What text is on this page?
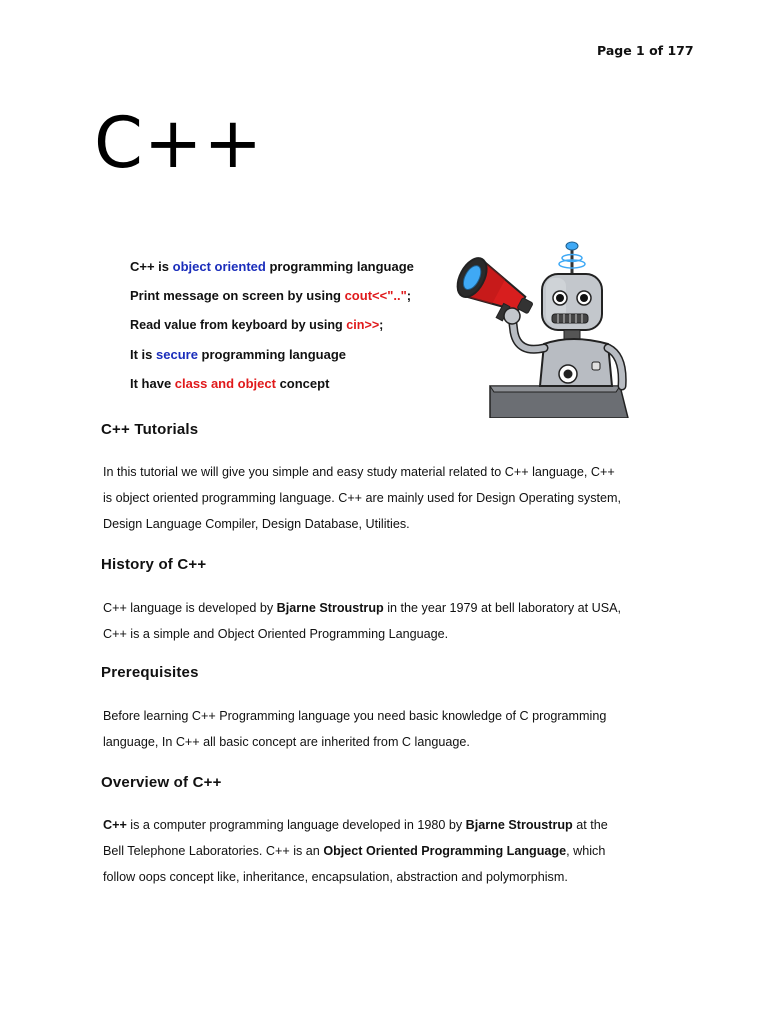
Page 1 of 177
C++
C++ is object oriented programming language
Print message on screen by using cout<<"..";
Read value from keyboard by using cin>>;
It is secure programming language
It have class and object concept
C++ Tutorials
In this tutorial we will give you simple and easy study material related to C++ language, C++
is object oriented programming language. C++ are mainly used for Design Operating system,
Design Language Compiler, Design Database, Utilities.
History of C++
C++ language is developed by Bjarne Stroustrup in the year 1979 at bell laboratory at USA,
C++ is a simple and Object Oriented Programming Language.
Prerequisites
Before learning C++ Programming language you need basic knowledge of C programming
language, In C++ all basic concept are inherited from C language.
Overview of C++
C++ is a computer programming language developed in 1980 by Bjarne Stroustrup at the
Bell Telephone Laboratories. C++ is an Object Oriented Programming Language, which
follow oops concept like, inheritance, encapsulation, abstraction and polymorphism.
